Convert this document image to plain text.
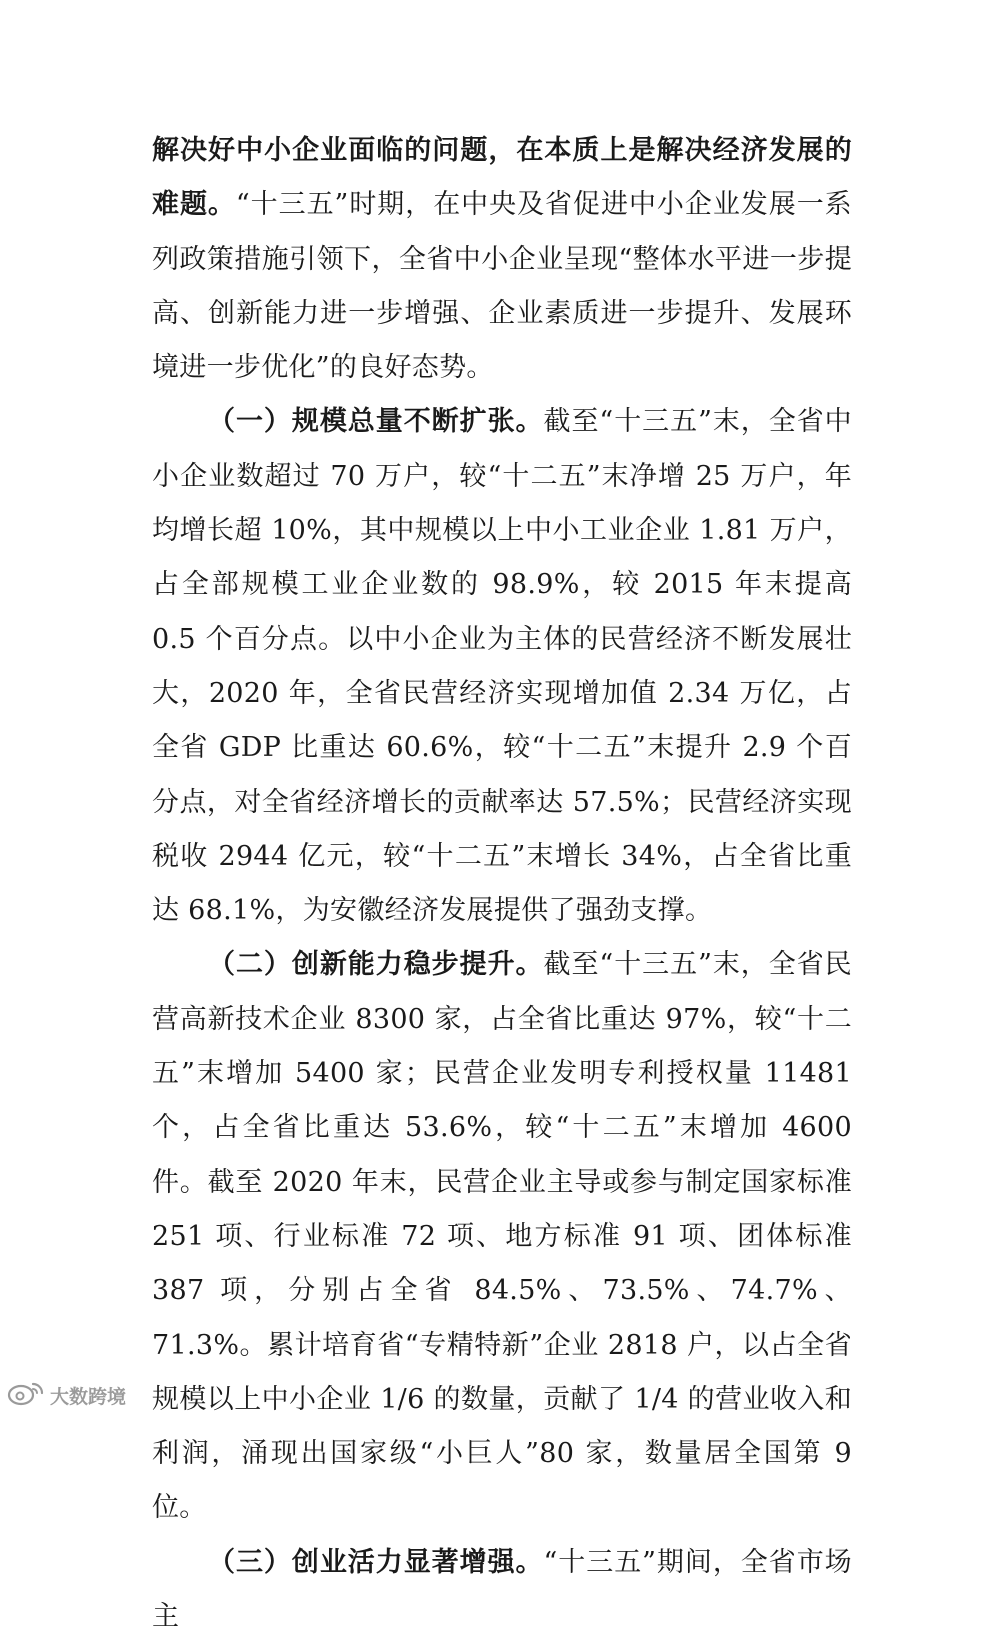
解决好中小企业面临的问题，在本质上是解决经济发展的难题。“十三五”时期，在中央及省促进中小企业发展一系列政策措施引领下，全省中小企业呈现“整体水平进一步提高、创新能力进一步增强、企业素质进一步提升、发展环境进一步优化”的良好态势。

（一）规模总量不断扩张。截至“十三五”末，全省中小企业数超过 70 万户，较“十二五”末净增 25 万户，年均增长超 10%，其中规模以上中小工业企业 1.81 万户，占全部规模工业企业数的 98.9%，较 2015 年末提高 0.5 个百分点。以中小企业为主体的民营经济不断发展壮大，2020 年，全省民营经济实现增加值 2.34 万亿，占全省 GDP 比重达 60.6%，较“十二五”末提升 2.9 个百分点，对全省经济增长的贡献率达 57.5%；民营经济实现税收 2944 亿元，较“十二五”末增长 34%，占全省比重达 68.1%，为安徽经济发展提供了强劲支撑。

（二）创新能力稳步提升。截至“十三五”末，全省民营高新技术企业 8300 家，占全省比重达 97%，较“十二五”末增加 5400 家；民营企业发明专利授权量 11481 个，占全省比重达 53.6%，较“十二五”末增加 4600 件。截至 2020 年末，民营企业主导或参与制定国家标准 251 项、行业标准 72 项、地方标准 91 项、团体标准 387 项，分别占全省 84.5%、73.5%、74.7%、71.3%。累计培育省“专精特新”企业 2818 户，以占全省规模以上中小企业 1/6 的数量，贡献了 1/4 的营业收入和利润，涌现出国家级“小巨人”80 家，数量居全国第 9 位。

（三）创业活力显著增强。“十三五”期间，全省市场主

大数跨境
